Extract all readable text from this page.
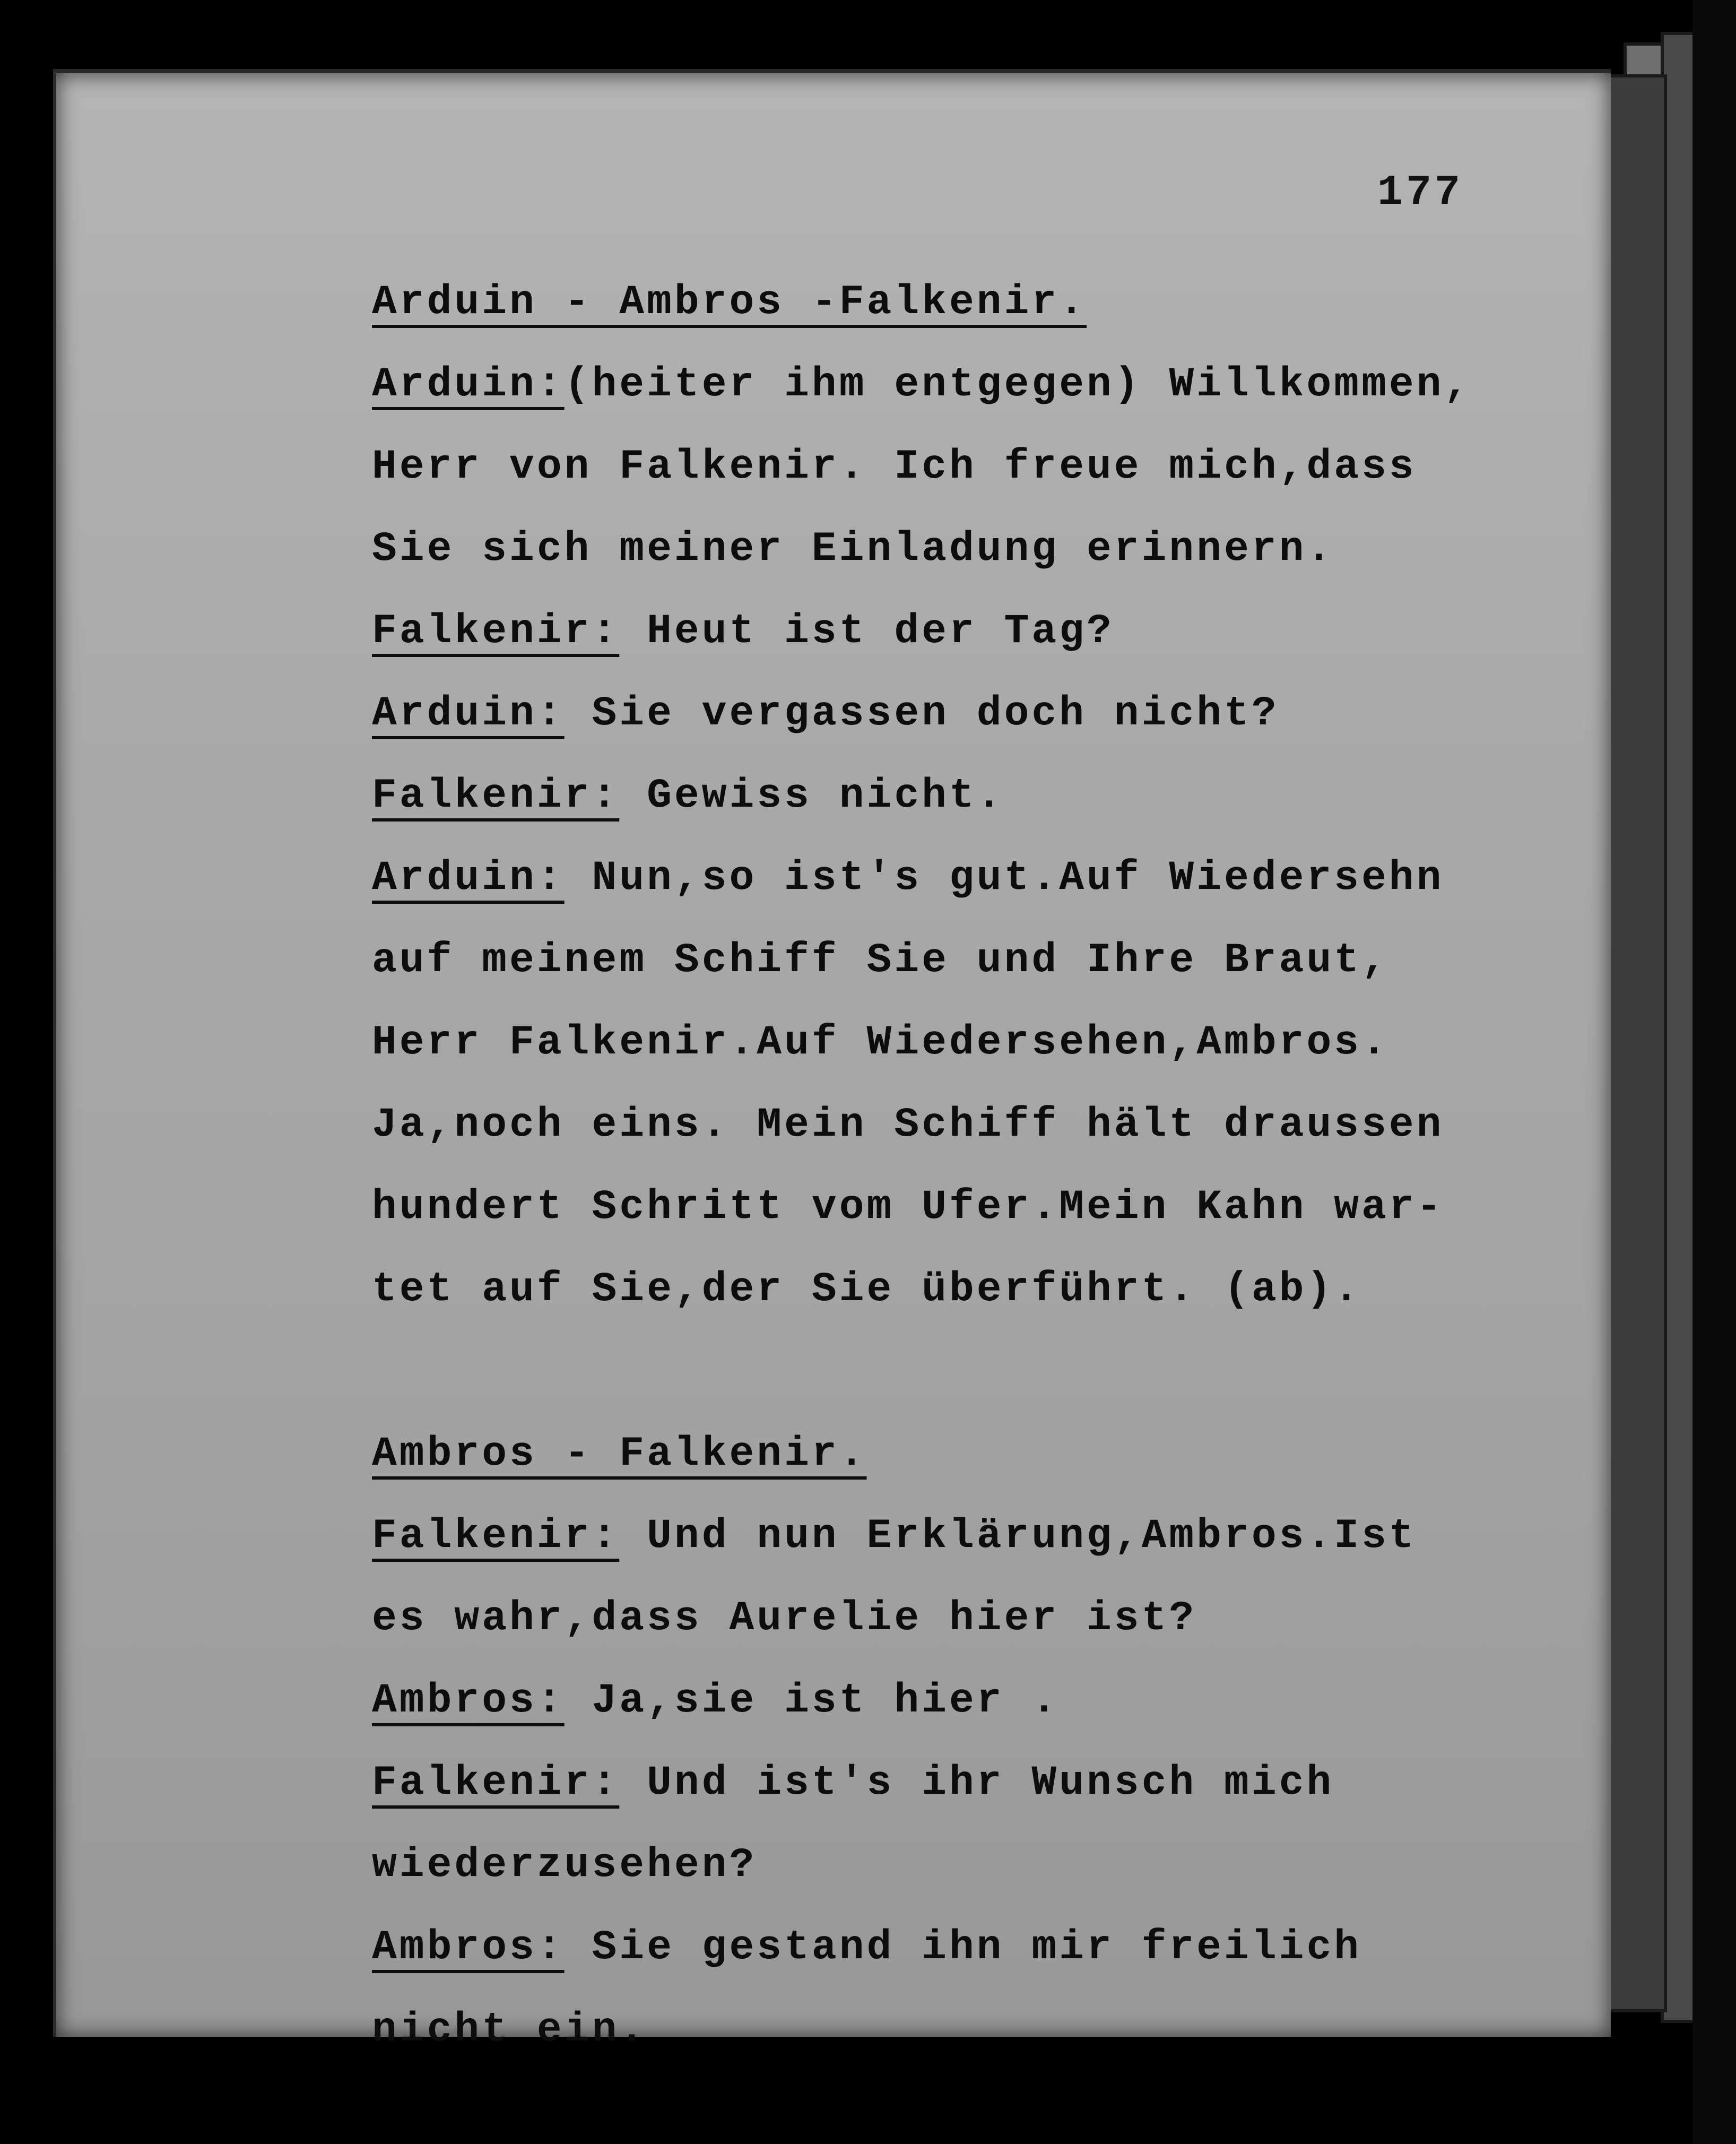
177
Arduin - Ambros -Falkenir.
Arduin:(heiter ihm entgegen) Willkommen,
Herr von Falkenir. Ich freue mich,dass
Sie sich meiner Einladung erinnern.
Falkenir: Heut ist der Tag?
Arduin: Sie vergassen doch nicht?
Falkenir: Gewiss nicht.
Arduin: Nun,so ist's gut.Auf Wiedersehn
auf meinem Schiff Sie und Ihre Braut,
Herr Falkenir.Auf Wiedersehen,Ambros.
Ja,noch eins. Mein Schiff hält draussen
hundert Schritt vom Ufer.Mein Kahn war-
tet auf Sie,der Sie überführt. (ab).
Ambros - Falkenir.
Falkenir: Und nun Erklärung,Ambros.Ist
es wahr,dass Aurelie hier ist?
Ambros: Ja,sie ist hier .
Falkenir: Und ist's ihr Wunsch mich
wiederzusehen?
Ambros: Sie gestand ihn mir freilich
nicht ein.
